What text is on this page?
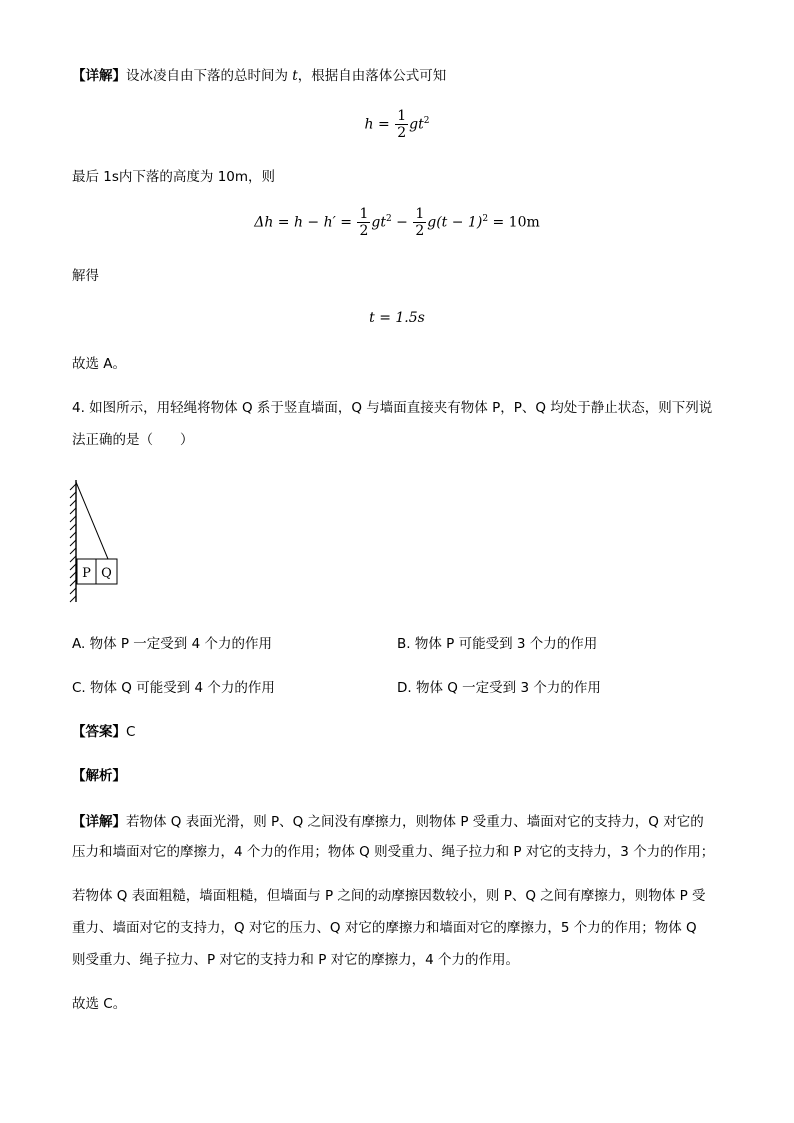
【详解】设冰凌自由下落的总时间为 t，根据自由落体公式可知
$h = \frac{1}{2} gt^2$
最后 1s内下落的高度为 10m，则
$\Delta h = h - h' = \frac{1}{2} gt^2 - \frac{1}{2} g(t - 1)^2 = 10m$
解得
t = 1.5s
故选 A。
4. 如图所示，用轻绳将物体 Q 系于竖直墙面，Q 与墙面直接夹有物体 P，P、Q 均处于静止状态，则下列说
法正确的是（　　）
P Q
A. 物体 P 一定受到 4 个力的作用	B. 物体 P 可能受到 3 个力的作用
C. 物体 Q 可能受到 4 个力的作用	D. 物体 Q 一定受到 3 个力的作用
【答案】C
【解析】
【详解】若物体 Q 表面光滑，则 P、Q 之间没有摩擦力，则物体 P 受重力、墙面对它的支持力，Q 对它的
压力和墙面对它的摩擦力，4 个力的作用；物体 Q 则受重力、绳子拉力和 P 对它的支持力，3 个力的作用；
若物体 Q 表面粗糙，墙面粗糙，但墙面与 P 之间的动摩擦因数较小，则 P、Q 之间有摩擦力，则物体 P 受
重力、墙面对它的支持力，Q 对它的压力、Q 对它的摩擦力和墙面对它的摩擦力，5 个力的作用；物体 Q
则受重力、绳子拉力、P 对它的支持力和 P 对它的摩擦力，4 个力的作用。
故选 C。
